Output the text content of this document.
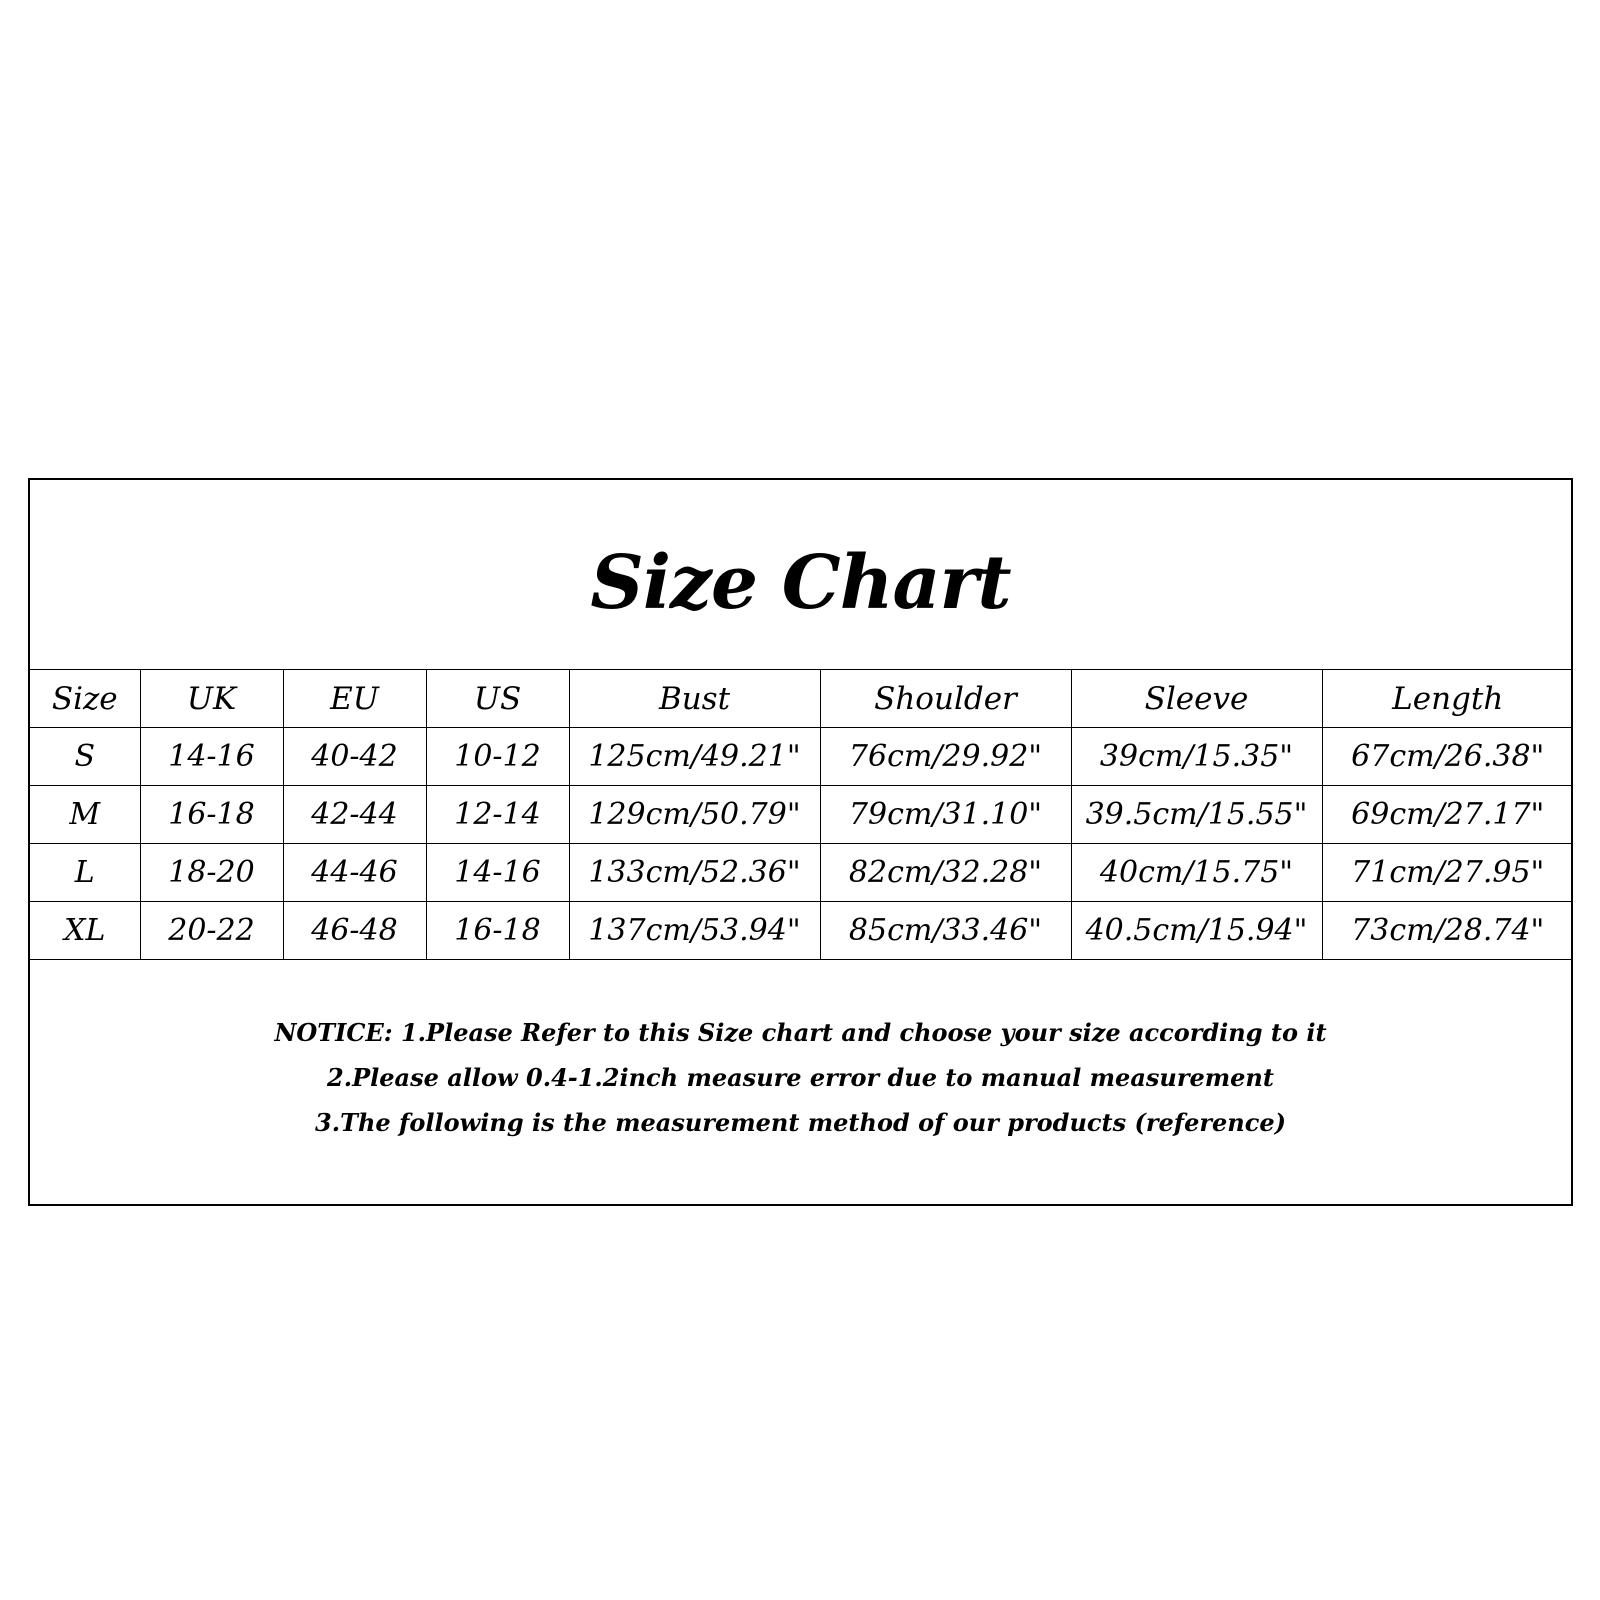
Size Chart
Size	UK	EU	US	Bust	Shoulder	Sleeve	Length
S	14-16	40-42	10-12	125cm/49.21"	76cm/29.92"	39cm/15.35"	67cm/26.38"
M	16-18	42-44	12-14	129cm/50.79"	79cm/31.10"	39.5cm/15.55"	69cm/27.17"
L	18-20	44-46	14-16	133cm/52.36"	82cm/32.28"	40cm/15.75"	71cm/27.95"
XL	20-22	46-48	16-18	137cm/53.94"	85cm/33.46"	40.5cm/15.94"	73cm/28.74"
NOTICE: 1.Please Refer to this Size chart and choose your size according to it
2.Please allow 0.4-1.2inch measure error due to manual measurement
3.The following is the measurement method of our products (reference)
